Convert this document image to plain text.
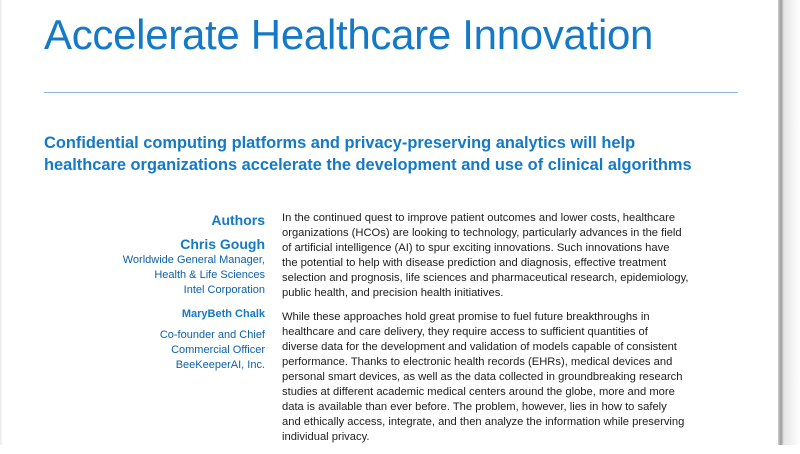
Accelerate Healthcare Innovation
Confidential computing platforms and privacy-preserving analytics will help
healthcare organizations accelerate the development and use of clinical algorithms
Authors
Chris Gough
Worldwide General Manager,
Health & Life Sciences
Intel Corporation
MaryBeth Chalk
Co-founder and Chief
Commercial Officer
BeeKeeperAI, Inc.

In the continued quest to improve patient outcomes and lower costs, healthcare
organizations (HCOs) are looking to technology, particularly advances in the field
of artificial intelligence (AI) to spur exciting innovations. Such innovations have
the potential to help with disease prediction and diagnosis, effective treatment
selection and prognosis, life sciences and pharmaceutical research, epidemiology,
public health, and precision health initiatives.

While these approaches hold great promise to fuel future breakthroughs in
healthcare and care delivery, they require access to sufficient quantities of
diverse data for the development and validation of models capable of consistent
performance. Thanks to electronic health records (EHRs), medical devices and
personal smart devices, as well as the data collected in groundbreaking research
studies at different academic medical centers around the globe, more and more
data is available than ever before. The problem, however, lies in how to safely
and ethically access, integrate, and then analyze the information while preserving
individual privacy.
